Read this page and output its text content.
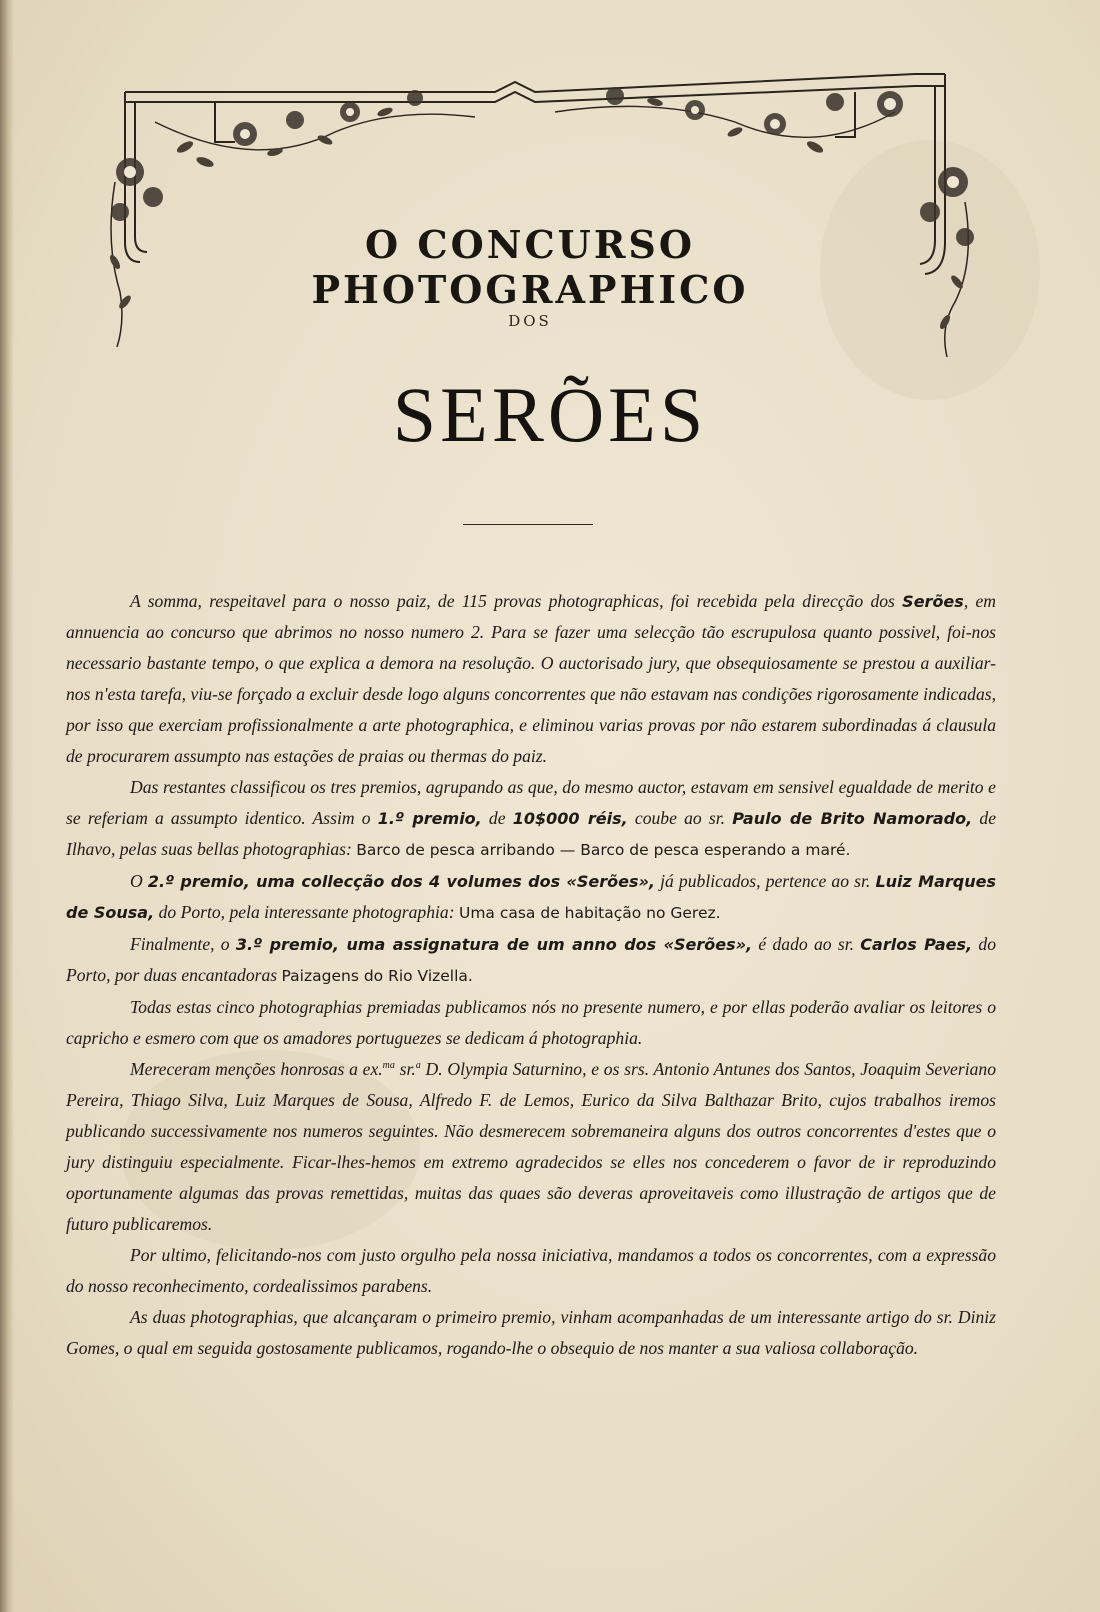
O CONCURSO PHOTOGRAPHICO
DOS
SERÕES

A somma, respeitavel para o nosso paiz, de 115 provas photographicas, foi recebida pela direcção dos Serões, em annuencia ao concurso que abrimos no nosso numero 2. Para se fazer uma selecção tão escrupulosa quanto possivel, foi-nos necessario bastante tempo, o que explica a demora na resolução. O auctorisado jury, que obsequiosamente se prestou a auxiliar-nos n'esta tarefa, viu-se forçado a excluir desde logo alguns concorrentes que não estavam nas condições rigorosamente indicadas, por isso que exerciam profissionalmente a arte photographica, e eliminou varias provas por não estarem subordinadas á clausula de procurarem assumpto nas estações de praias ou thermas do paiz.

Das restantes classificou os tres premios, agrupando as que, do mesmo auctor, estavam em sensivel egualdade de merito e se referiam a assumpto identico. Assim o 1.º premio, de 10$000 réis, coube ao sr. Paulo de Brito Namorado, de Ilhavo, pelas suas bellas photographias: Barco de pesca arribando — Barco de pesca esperando a maré.

O 2.º premio, uma collecção dos 4 volumes dos «Serões», já publicados, pertence ao sr. Luiz Marques de Sousa, do Porto, pela interessante photographia: Uma casa de habitação no Gerez.

Finalmente, o 3.º premio, uma assignatura de um anno dos «Serões», é dado ao sr. Carlos Paes, do Porto, por duas encantadoras Paizagens do Rio Vizella.

Todas estas cinco photographias premiadas publicamos nós no presente numero, e por ellas poderão avaliar os leitores o capricho e esmero com que os amadores portuguezes se dedicam á photographia.

Mereceram menções honrosas a ex.$^{ma}$ sr.$^a$ D. Olympia Saturnino, e os srs. Antonio Antunes dos Santos, Joaquim Severiano Pereira, Thiago Silva, Luiz Marques de Sousa, Alfredo F. de Lemos, Eurico da Silva Balthazar Brito, cujos trabalhos iremos publicando successivamente nos numeros seguintes. Não desmerecem sobremaneira alguns dos outros concorrentes d'estes que o jury distinguiu especialmente. Ficar-lhes-hemos em extremo agradecidos se elles nos concederem o favor de ir reproduzindo oportunamente algumas das provas remettidas, muitas das quaes são deveras aproveitaveis como illustração de artigos que de futuro publicaremos.

Por ultimo, felicitando-nos com justo orgulho pela nossa iniciativa, mandamos a todos os concorrentes, com a expressão do nosso reconhecimento, cordealissimos parabens.

As duas photographias, que alcançaram o primeiro premio, vinham acompanhadas de um interessante artigo do sr. Diniz Gomes, o qual em seguida gostosamente publicamos, rogando-lhe o obsequio de nos manter a sua valiosa collaboração.
